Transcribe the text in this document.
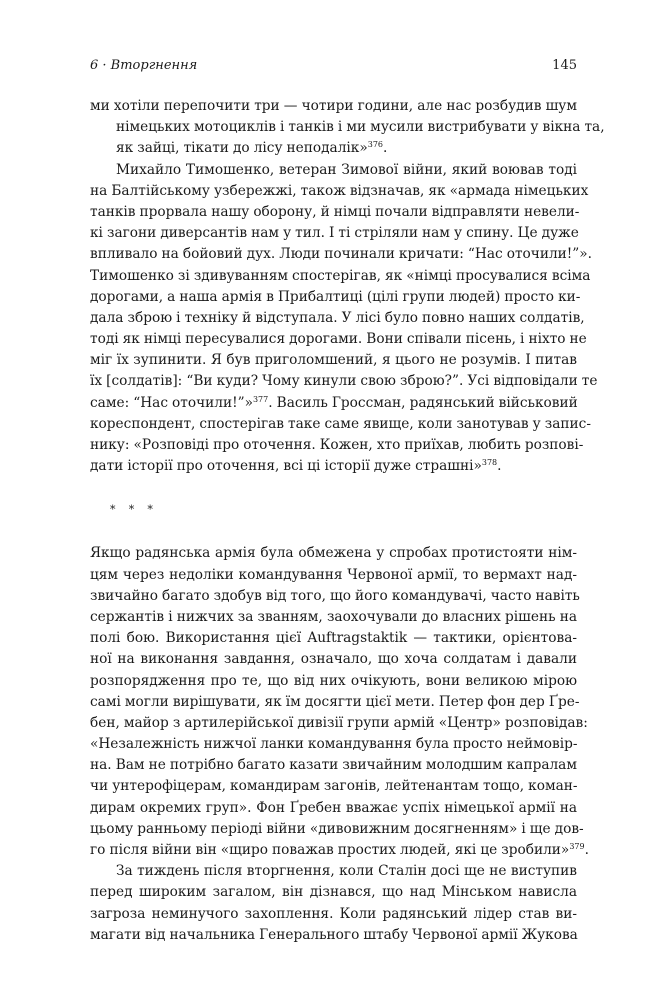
6 · Вторгнення	145
ми хотіли перепочити три — чотири години, але нас розбудив шум
німецьких мотоциклів і танків і ми мусили вистрибувати у вікна та,
як зайці, тікати до лісу неподалік»$^{376}$.
Михайло Тимошенко, ветеран Зимової війни, який воював тоді
на Балтійському узбережжі, також відзначав, як «армада німецьких
танків прорвала нашу оборону, й німці почали відправляти невели-
кі загони диверсантів нам у тил. І ті стріляли нам у спину. Це дуже
впливало на бойовий дух. Люди починали кричати: “Нас оточили!”».
Тимошенко зі здивуванням спостерігав, як «німці просувалися всіма
дорогами, а наша армія в Прибалтиці (цілі групи людей) просто ки-
дала зброю і техніку й відступала. У лісі було повно наших солдатів,
тоді як німці пересувалися дорогами. Вони співали пісень, і ніхто не
міг їх зупинити. Я був приголомшений, я цього не розумів. І питав
їх [солдатів]: “Ви куди? Чому кинули свою зброю?”. Усі відповідали те
саме: “Нас оточили!”»$^{377}$. Василь Гроссман, радянський військовий
кореспондент, спостерігав таке саме явище, коли занотував у запис-
нику: «Розповіді про оточення. Кожен, хто приїхав, любить розпові-
дати історії про оточення, всі ці історії дуже страшні»$^{378}$.
* * *
Якщо радянська армія була обмежена у спробах протистояти нім-
цям через недоліки командування Червоної армії, то вермахт над-
звичайно багато здобув від того, що його командувачі, часто навіть
сержантів і нижчих за званням, заохочували до власних рішень на
полі бою. Використання цієї Auftragstaktik — тактики, орієнтова-
ної на виконання завдання, означало, що хоча солдатам і давали
розпорядження про те, що від них очікують, вони великою мірою
самі могли вирішувати, як їм досягти цієї мети. Петер фон дер Ґре-
бен, майор з артилерійської дивізії групи армій «Центр» розповідав:
«Незалежність нижчої ланки командування була просто неймовір-
на. Вам не потрібно багато казати звичайним молодшим капралам
чи унтерофіцерам, командирам загонів, лейтенантам тощо, коман-
дирам окремих груп». Фон Ґребен вважає успіх німецької армії на
цьому ранньому періоді війни «дивовижним досягненням» і ще дов-
го після війни він «щиро поважав простих людей, які це зробили»$^{379}$.
За тиждень після вторгнення, коли Сталін досі ще не виступив
перед широким загалом, він дізнався, що над Мінськом нависла
загроза неминучого захоплення. Коли радянський лідер став ви-
магати від начальника Генерального штабу Червоної армії Жукова
